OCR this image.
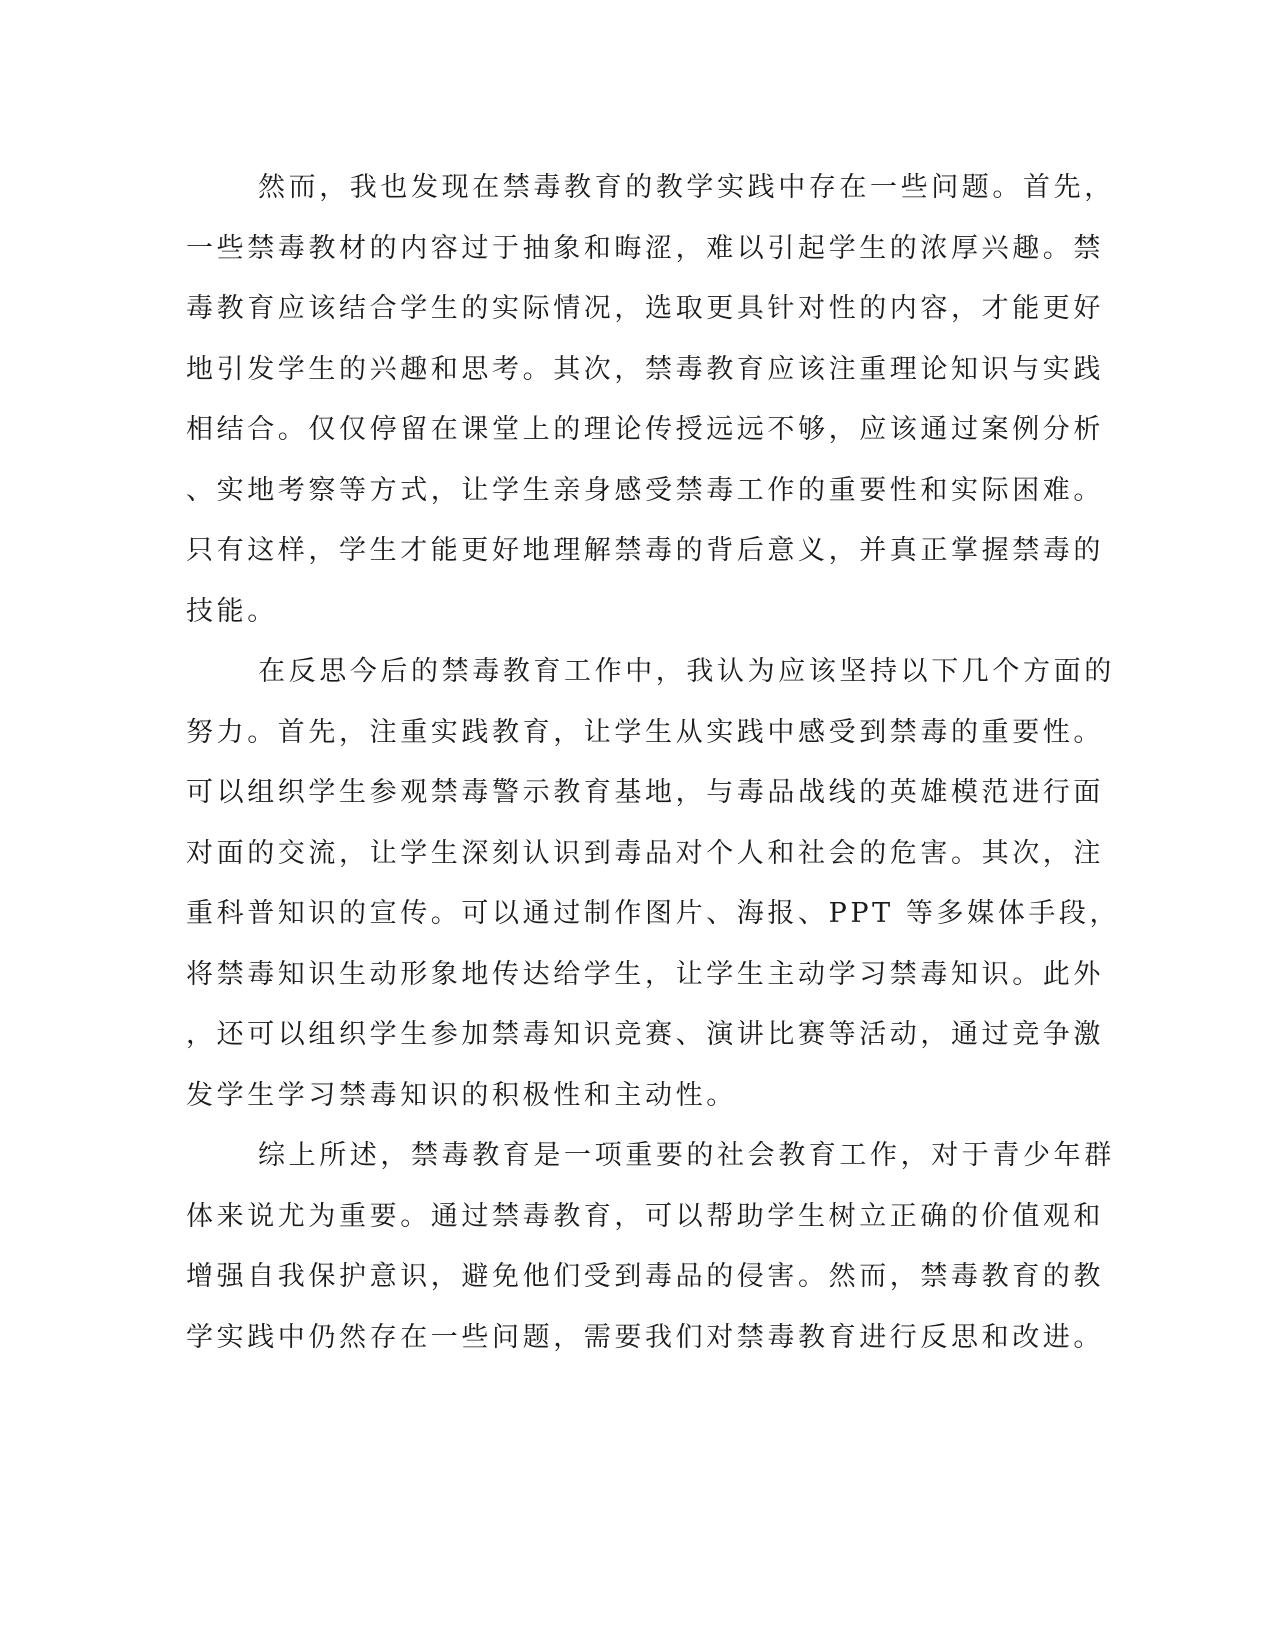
然而，我也发现在禁毒教育的教学实践中存在一些问题。首先，
一些禁毒教材的内容过于抽象和晦涩，难以引起学生的浓厚兴趣。禁
毒教育应该结合学生的实际情况，选取更具针对性的内容，才能更好
地引发学生的兴趣和思考。其次，禁毒教育应该注重理论知识与实践
相结合。仅仅停留在课堂上的理论传授远远不够，应该通过案例分析
、实地考察等方式，让学生亲身感受禁毒工作的重要性和实际困难。
只有这样，学生才能更好地理解禁毒的背后意义，并真正掌握禁毒的
技能。
在反思今后的禁毒教育工作中，我认为应该坚持以下几个方面的
努力。首先，注重实践教育，让学生从实践中感受到禁毒的重要性。
可以组织学生参观禁毒警示教育基地，与毒品战线的英雄模范进行面
对面的交流，让学生深刻认识到毒品对个人和社会的危害。其次，注
重科普知识的宣传。可以通过制作图片、海报、PPT 等多媒体手段，
将禁毒知识生动形象地传达给学生，让学生主动学习禁毒知识。此外
，还可以组织学生参加禁毒知识竞赛、演讲比赛等活动，通过竞争激
发学生学习禁毒知识的积极性和主动性。
综上所述，禁毒教育是一项重要的社会教育工作，对于青少年群
体来说尤为重要。通过禁毒教育，可以帮助学生树立正确的价值观和
增强自我保护意识，避免他们受到毒品的侵害。然而，禁毒教育的教
学实践中仍然存在一些问题，需要我们对禁毒教育进行反思和改进。
